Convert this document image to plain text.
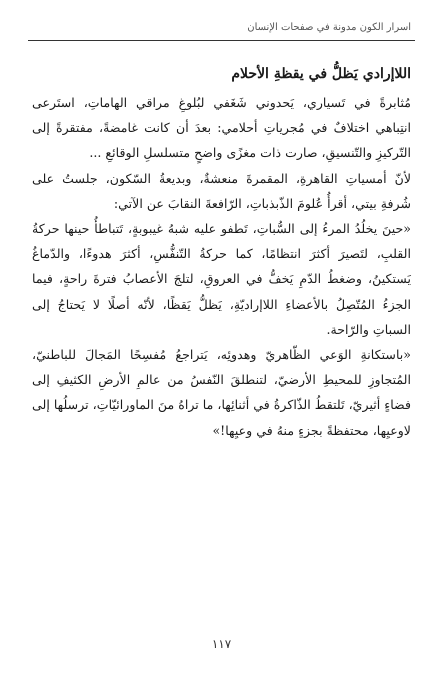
أسرار الكون مدونة في صفحات الإنسان
اللاإرادي يَظلُّ في يقظةِ الأحلام

مُثابرةً في تَسياري، يَحدوني شَغَفي لبُلوغِ مراقي الهاماتِ، استَرعى انتِباهي اختلافٌ في مُجرياتِ أحلامي: بعدَ أن كانت غامضةً، مفتقرةً إلى التّركيزِ والتّنسيقِ، صارت ذات مغزًى واضحٍ متسلسلِ الوقائعِ ...

لأنّ أمسياتِ القاهرةِ، المقمرةَ منعشةٌ، وبديعةُ السّكون، جلستُ على شُرفةِ بيتي، أقرأُ عُلومَ الذّبذباتِ، الرّافعةَ النقابَ عن الآتي:

«حينَ يخلُدُ المرءُ إلى السُّباتِ، تَطفو عليه شبهُ غيبوبةٍ، تَتباطأُ حينها حركةُ القلبِ، لتَصيرَ أكثرَ انتظامًا، كما حركةُ التّنفُّسِ، أكثرَ هدوءًا، والدّماغُ يَستكينُ، وضغطُ الدّمِ يَخفُّ في العروقِ، لتلجَ الأعصابُ فترةَ راحةٍ، فيما الجزءُ المُتّصِلُ بالأعضاءِ اللاإراديّةِ، يَظلُّ يَقظًا، لأنّه أصلًا لا يَحتاجُ إلى السباتِ والرّاحة.

«باستكانةِ الوَعي الظّاهريّ وهدوئِه، يَتراجعُ مُفسِحًا المَجالَ للباطنيّ، المُتجاوزِ للمحيطِ الأرضيّ، لتنطلقَ النّفسُ من عالمِ الأرضِ الكثيفِ إلى فضاءٍ أثيريّ، تَلتقطُ الذّاكرةُ في أثنائِها، ما تراهُ منَ الماورائيّاتِ، ترسلُها إلى لاوعيِها، محتفظةً بجزءٍ منهُ في وعيِها!»

١١٧
